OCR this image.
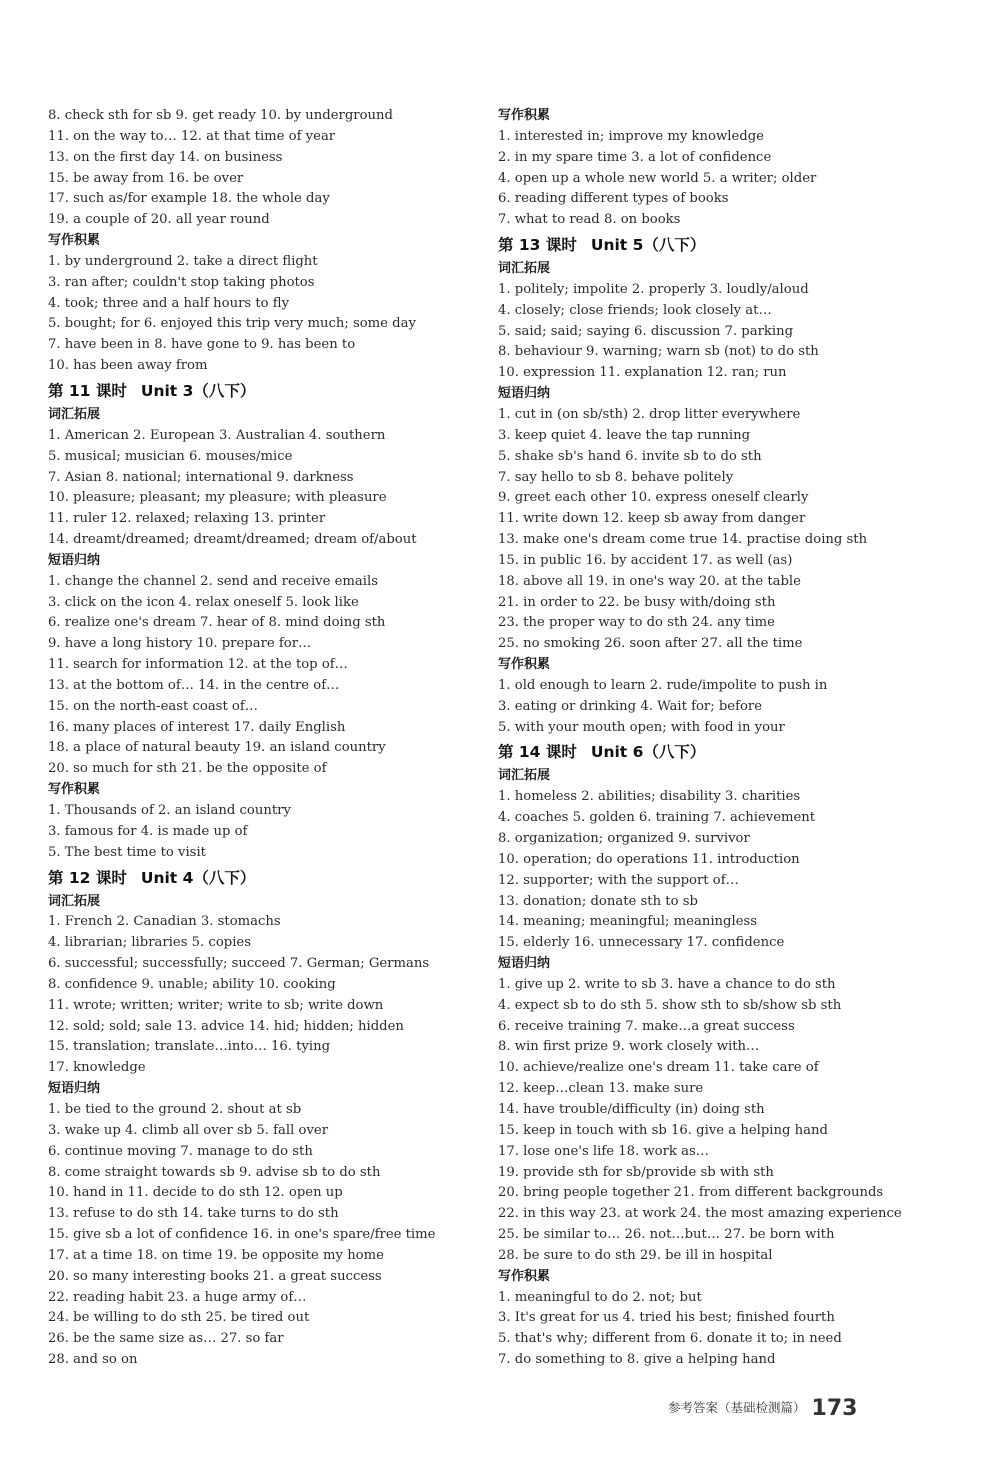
8. check sth for sb 9. get ready 10. by underground
11. on the way to… 12. at that time of year
13. on the first day 14. on business
15. be away from 16. be over
17. such as/for example 18. the whole day
19. a couple of 20. all year round
写作积累
1. by underground 2. take a direct flight
3. ran after; couldn't stop taking photos
4. took; three and a half hours to fly
5. bought; for 6. enjoyed this trip very much; some day
7. have been in 8. have gone to 9. has been to
10. has been away from
第 11 课时 Unit 3（八下）
词汇拓展
1. American 2. European 3. Australian 4. southern
5. musical; musician 6. mouses/mice
7. Asian 8. national; international 9. darkness
10. pleasure; pleasant; my pleasure; with pleasure
11. ruler 12. relaxed; relaxing 13. printer
14. dreamt/dreamed; dreamt/dreamed; dream of/about
短语归纳
1. change the channel 2. send and receive emails
3. click on the icon 4. relax oneself 5. look like
6. realize one's dream 7. hear of 8. mind doing sth
9. have a long history 10. prepare for…
11. search for information 12. at the top of…
13. at the bottom of… 14. in the centre of…
15. on the north-east coast of…
16. many places of interest 17. daily English
18. a place of natural beauty 19. an island country
20. so much for sth 21. be the opposite of
写作积累
1. Thousands of 2. an island country
3. famous for 4. is made up of
5. The best time to visit
第 12 课时 Unit 4（八下）
词汇拓展
1. French 2. Canadian 3. stomachs
4. librarian; libraries 5. copies
6. successful; successfully; succeed 7. German; Germans
8. confidence 9. unable; ability 10. cooking
11. wrote; written; writer; write to sb; write down
12. sold; sold; sale 13. advice 14. hid; hidden; hidden
15. translation; translate…into… 16. tying
17. knowledge
短语归纳
1. be tied to the ground 2. shout at sb
3. wake up 4. climb all over sb 5. fall over
6. continue moving 7. manage to do sth
8. come straight towards sb 9. advise sb to do sth
10. hand in 11. decide to do sth 12. open up
13. refuse to do sth 14. take turns to do sth
15. give sb a lot of confidence 16. in one's spare/free time
17. at a time 18. on time 19. be opposite my home
20. so many interesting books 21. a great success
22. reading habit 23. a huge army of…
24. be willing to do sth 25. be tired out
26. be the same size as… 27. so far
28. and so on
写作积累
1. interested in; improve my knowledge
2. in my spare time 3. a lot of confidence
4. open up a whole new world 5. a writer; older
6. reading different types of books
7. what to read 8. on books
第 13 课时 Unit 5（八下）
词汇拓展
1. politely; impolite 2. properly 3. loudly/aloud
4. closely; close friends; look closely at…
5. said; said; saying 6. discussion 7. parking
8. behaviour 9. warning; warn sb (not) to do sth
10. expression 11. explanation 12. ran; run
短语归纳
1. cut in (on sb/sth) 2. drop litter everywhere
3. keep quiet 4. leave the tap running
5. shake sb's hand 6. invite sb to do sth
7. say hello to sb 8. behave politely
9. greet each other 10. express oneself clearly
11. write down 12. keep sb away from danger
13. make one's dream come true 14. practise doing sth
15. in public 16. by accident 17. as well (as)
18. above all 19. in one's way 20. at the table
21. in order to 22. be busy with/doing sth
23. the proper way to do sth 24. any time
25. no smoking 26. soon after 27. all the time
写作积累
1. old enough to learn 2. rude/impolite to push in
3. eating or drinking 4. Wait for; before
5. with your mouth open; with food in your
第 14 课时 Unit 6（八下）
词汇拓展
1. homeless 2. abilities; disability 3. charities
4. coaches 5. golden 6. training 7. achievement
8. organization; organized 9. survivor
10. operation; do operations 11. introduction
12. supporter; with the support of…
13. donation; donate sth to sb
14. meaning; meaningful; meaningless
15. elderly 16. unnecessary 17. confidence
短语归纳
1. give up 2. write to sb 3. have a chance to do sth
4. expect sb to do sth 5. show sth to sb/show sb sth
6. receive training 7. make…a great success
8. win first prize 9. work closely with…
10. achieve/realize one's dream 11. take care of
12. keep…clean 13. make sure
14. have trouble/difficulty (in) doing sth
15. keep in touch with sb 16. give a helping hand
17. lose one's life 18. work as…
19. provide sth for sb/provide sb with sth
20. bring people together 21. from different backgrounds
22. in this way 23. at work 24. the most amazing experience
25. be similar to… 26. not…but… 27. be born with
28. be sure to do sth 29. be ill in hospital
写作积累
1. meaningful to do 2. not; but
3. It's great for us 4. tried his best; finished fourth
5. that's why; different from 6. donate it to; in need
7. do something to 8. give a helping hand
参考答案（基础检测篇） 173
